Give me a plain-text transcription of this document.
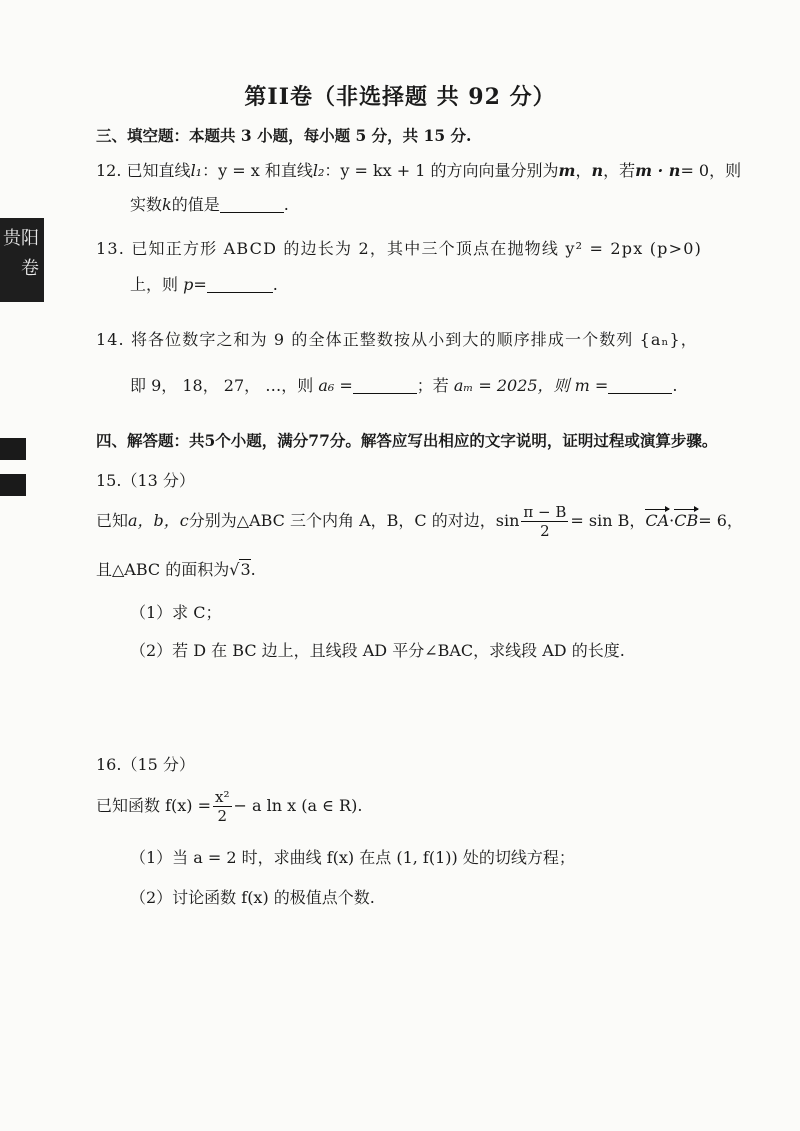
贵阳
卷
第II卷（非选择题 共 92 分）
三、填空题：本题共 3 小题，每小题 5 分，共 15 分.
12. 已知直线l₁：y = x 和直线l₂：y = kx + 1 的方向向量分别为m，n，若m · n= 0，则
实数k的值是	.
13. 已知正方形 ABCD 的边长为 2，其中三个顶点在抛物线 y² = 2px (p>0)
上，则 p=	.
14. 将各位数字之和为 9 的全体正整数按从小到大的顺序排成一个数列 {aₙ}，
即 9， 18， 27， …，则 a₆ =	；若 aₘ = 2025，则 m =	.
四、解答题：共5个小题，满分77分。解答应写出相应的文字说明，证明过程或演算步骤。
15.（13 分）
已知a，b，c分别为△ABC 三个内角 A，B，C 的对边，$\sin \frac{\pi - B}{2} = \sin B$，CA·CB= 6，
且△ABC 的面积为√3.
（1）求 C；
（2）若 D 在 BC 边上，且线段 AD 平分∠BAC，求线段 AD 的长度.
16.（15 分）
已知函数 $f(x) = \frac{\text{x²}}{2} - a$ ln x (a ∈ R).
（1）当 a = 2 时，求曲线 f(x) 在点 (1, f(1)) 处的切线方程；
（2）讨论函数 f(x) 的极值点个数.
